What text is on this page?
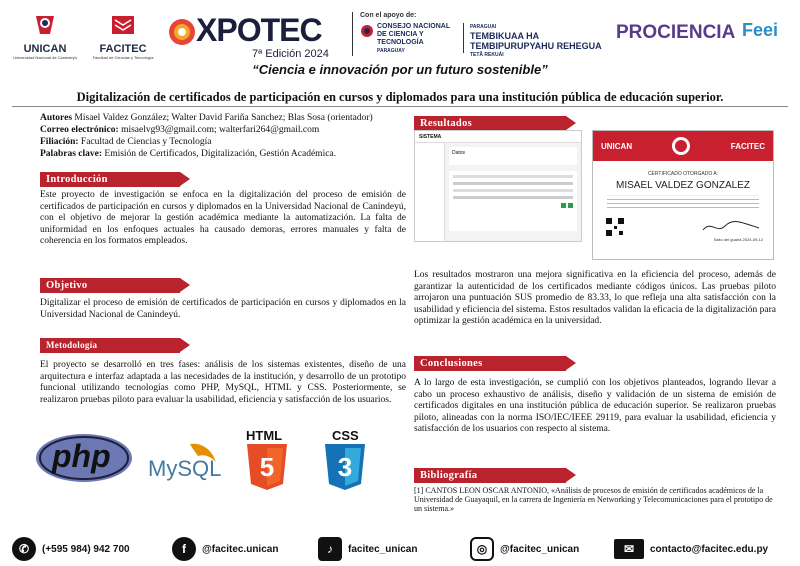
UNICAN
Universidad Nacional de Canindeyú
FACITEC
Facultad de Ciencias y Tecnología
XPOTEC
7ª Edición 2024
Con el apoyo de:
CONSEJO NACIONAL DE CIENCIA Y TECNOLOGÍA
PARAGUAY
PARAGUAI
TEMBIKUAA HA
TEMBIPURUPYAHU REHEGUA
TETÃ REKUÁI
PROCIENCIA Feei
“Ciencia e innovación por un futuro sostenible”
Digitalización de certificados de participación en cursos y diplomados para una institución pública de educación superior.
Autores Misael Valdez González; Walter David Fariña Sanchez; Blas Sosa (orientador)
Correo electrónico: misaelvg93@gmail.com; walterfari264@gmail.com
Filiación: Facultad de Ciencias y Tecnología
Palabras clave: Emisión de Certificados, Digitalización, Gestión Académica.
Introducción
Este proyecto de investigación se enfoca en la digitalización del proceso de emisión de certificados de participación en cursos y diplomados en la Universidad Nacional de Canindeyú, con el objetivo de mejorar la gestión académica mediante la automatización. La falta de uniformidad en los enfoques actuales ha causado demoras, errores manuales y falta de coherencia en los formatos empleados.
Objetivo
Digitalizar el proceso de emisión de certificados de participación en cursos y diplomados en la Universidad Nacional de Canindeyú.
Metodología
El proyecto se desarrolló en tres fases: análisis de los sistemas existentes, diseño de una arquitectura e interfaz adaptada a las necesidades de la institución, y desarrollo de un prototipo funcional utilizando tecnologías como PHP, MySQL, HTML y CSS. Posteriormente, se realizaron pruebas piloto para evaluar la usabilidad, eficiencia y satisfacción de los usuarios.
php MySQL
HTML
5
CSS
3
Resultados
SISTEMA
Datos
UNICAN	FACITEC
CERTIFICADO OTORGADO A:
MISAEL VALDEZ GONZALEZ
Salto del guairá 2024-09-12
Los resultados mostraron una mejora significativa en la eficiencia del proceso, además de garantizar la autenticidad de los certificados mediante códigos únicos. Las pruebas piloto arrojaron una puntuación SUS promedio de 83.33, lo que refleja una alta satisfacción con la usabilidad y eficiencia del sistema. Estos resultados validan la eficacia de la digitalización para optimizar la gestión académica en la universidad.
Conclusiones
A lo largo de esta investigación, se cumplió con los objetivos planteados, logrando llevar a cabo un proceso exhaustivo de análisis, diseño y validación de un sistema de emisión de certificados digitales en una institución pública de educación superior. Se realizaron pruebas piloto, alineadas con la norma ISO/IEC/IEEE 29119, para evaluar la usabilidad, eficiencia y satisfacción de los usuarios con respecto al sistema.
Bibliografía
[1] CANTOS LEON OSCAR ANTONIO, «Análisis de procesos de emisión de certificados académicos de la Universidad de Guayaquil, en la carrera de Ingeniería en Networking y Telecomunicaciones para el prototipo de un sistema.»
✆	(+595 984) 942 700	f	@facitec.unican	♪	facitec_unican	◎	@facitec_unican	✉	contacto@facitec.edu.py
